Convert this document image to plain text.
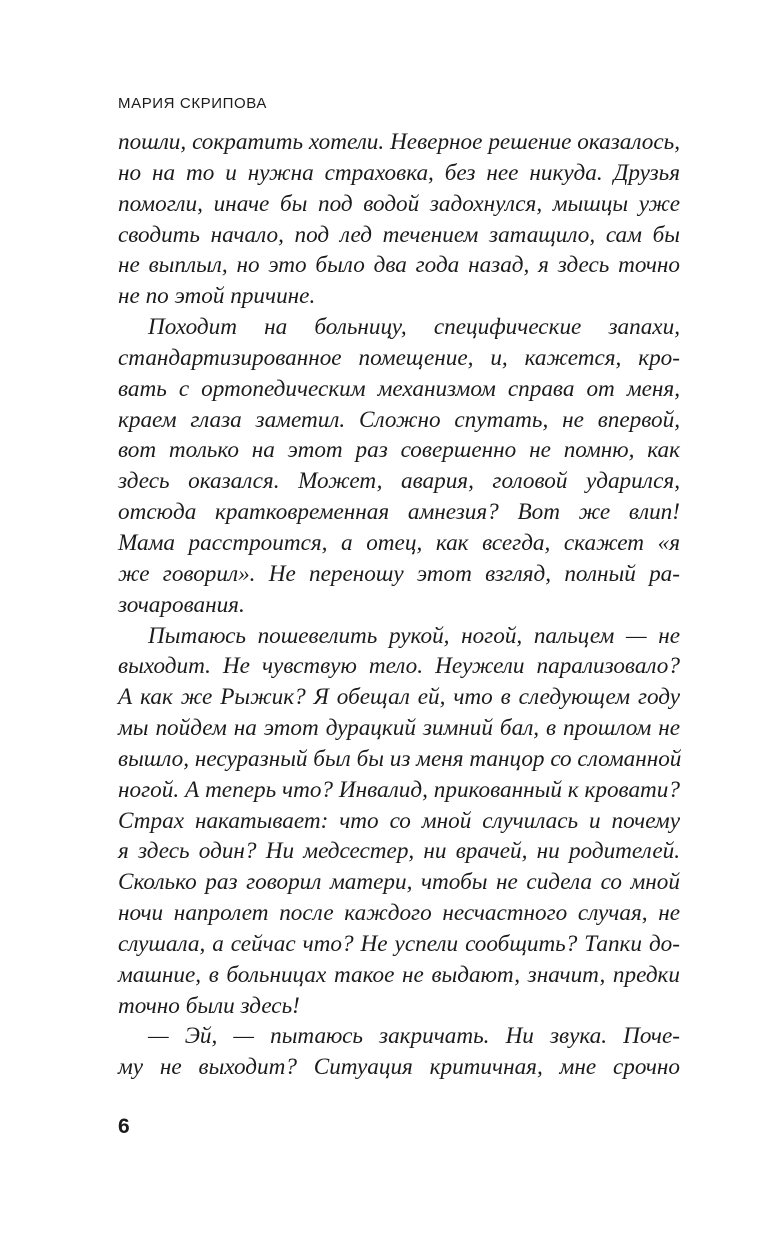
МАРИЯ СКРИПОВА
пошли, сократить хотели. Неверное решение оказалось,
но на то и нужна страховка, без нее никуда. Друзья
помогли, иначе бы под водой задохнулся, мышцы уже
сводить начало, под лед течением затащило, сам бы
не выплыл, но это было два года назад, я здесь точно
не по этой причине.
Походит на больницу, специфические запахи,
стандартизированное помещение, и, кажется, кро-
вать с ортопедическим механизмом справа от меня,
краем глаза заметил. Сложно спутать, не впервой,
вот только на этот раз совершенно не помню, как
здесь оказался. Может, авария, головой ударился,
отсюда кратковременная амнезия? Вот же влип!
Мама расстроится, а отец, как всегда, скажет «я
же говорил». Не переношу этот взгляд, полный ра-
зочарования.
Пытаюсь пошевелить рукой, ногой, пальцем — не
выходит. Не чувствую тело. Неужели парализовало?
А как же Рыжик? Я обещал ей, что в следующем году
мы пойдем на этот дурацкий зимний бал, в прошлом не
вышло, несуразный был бы из меня танцор со сломанной
ногой. А теперь что? Инвалид, прикованный к кровати?
Страх накатывает: что со мной случилась и почему
я здесь один? Ни медсестер, ни врачей, ни родителей.
Сколько раз говорил матери, чтобы не сидела со мной
ночи напролет после каждого несчастного случая, не
слушала, а сейчас что? Не успели сообщить? Тапки до-
машние, в больницах такое не выдают, значит, предки
точно были здесь!
— Эй, — пытаюсь закричать. Ни звука. Поче-
му не выходит? Ситуация критичная, мне срочно
6
